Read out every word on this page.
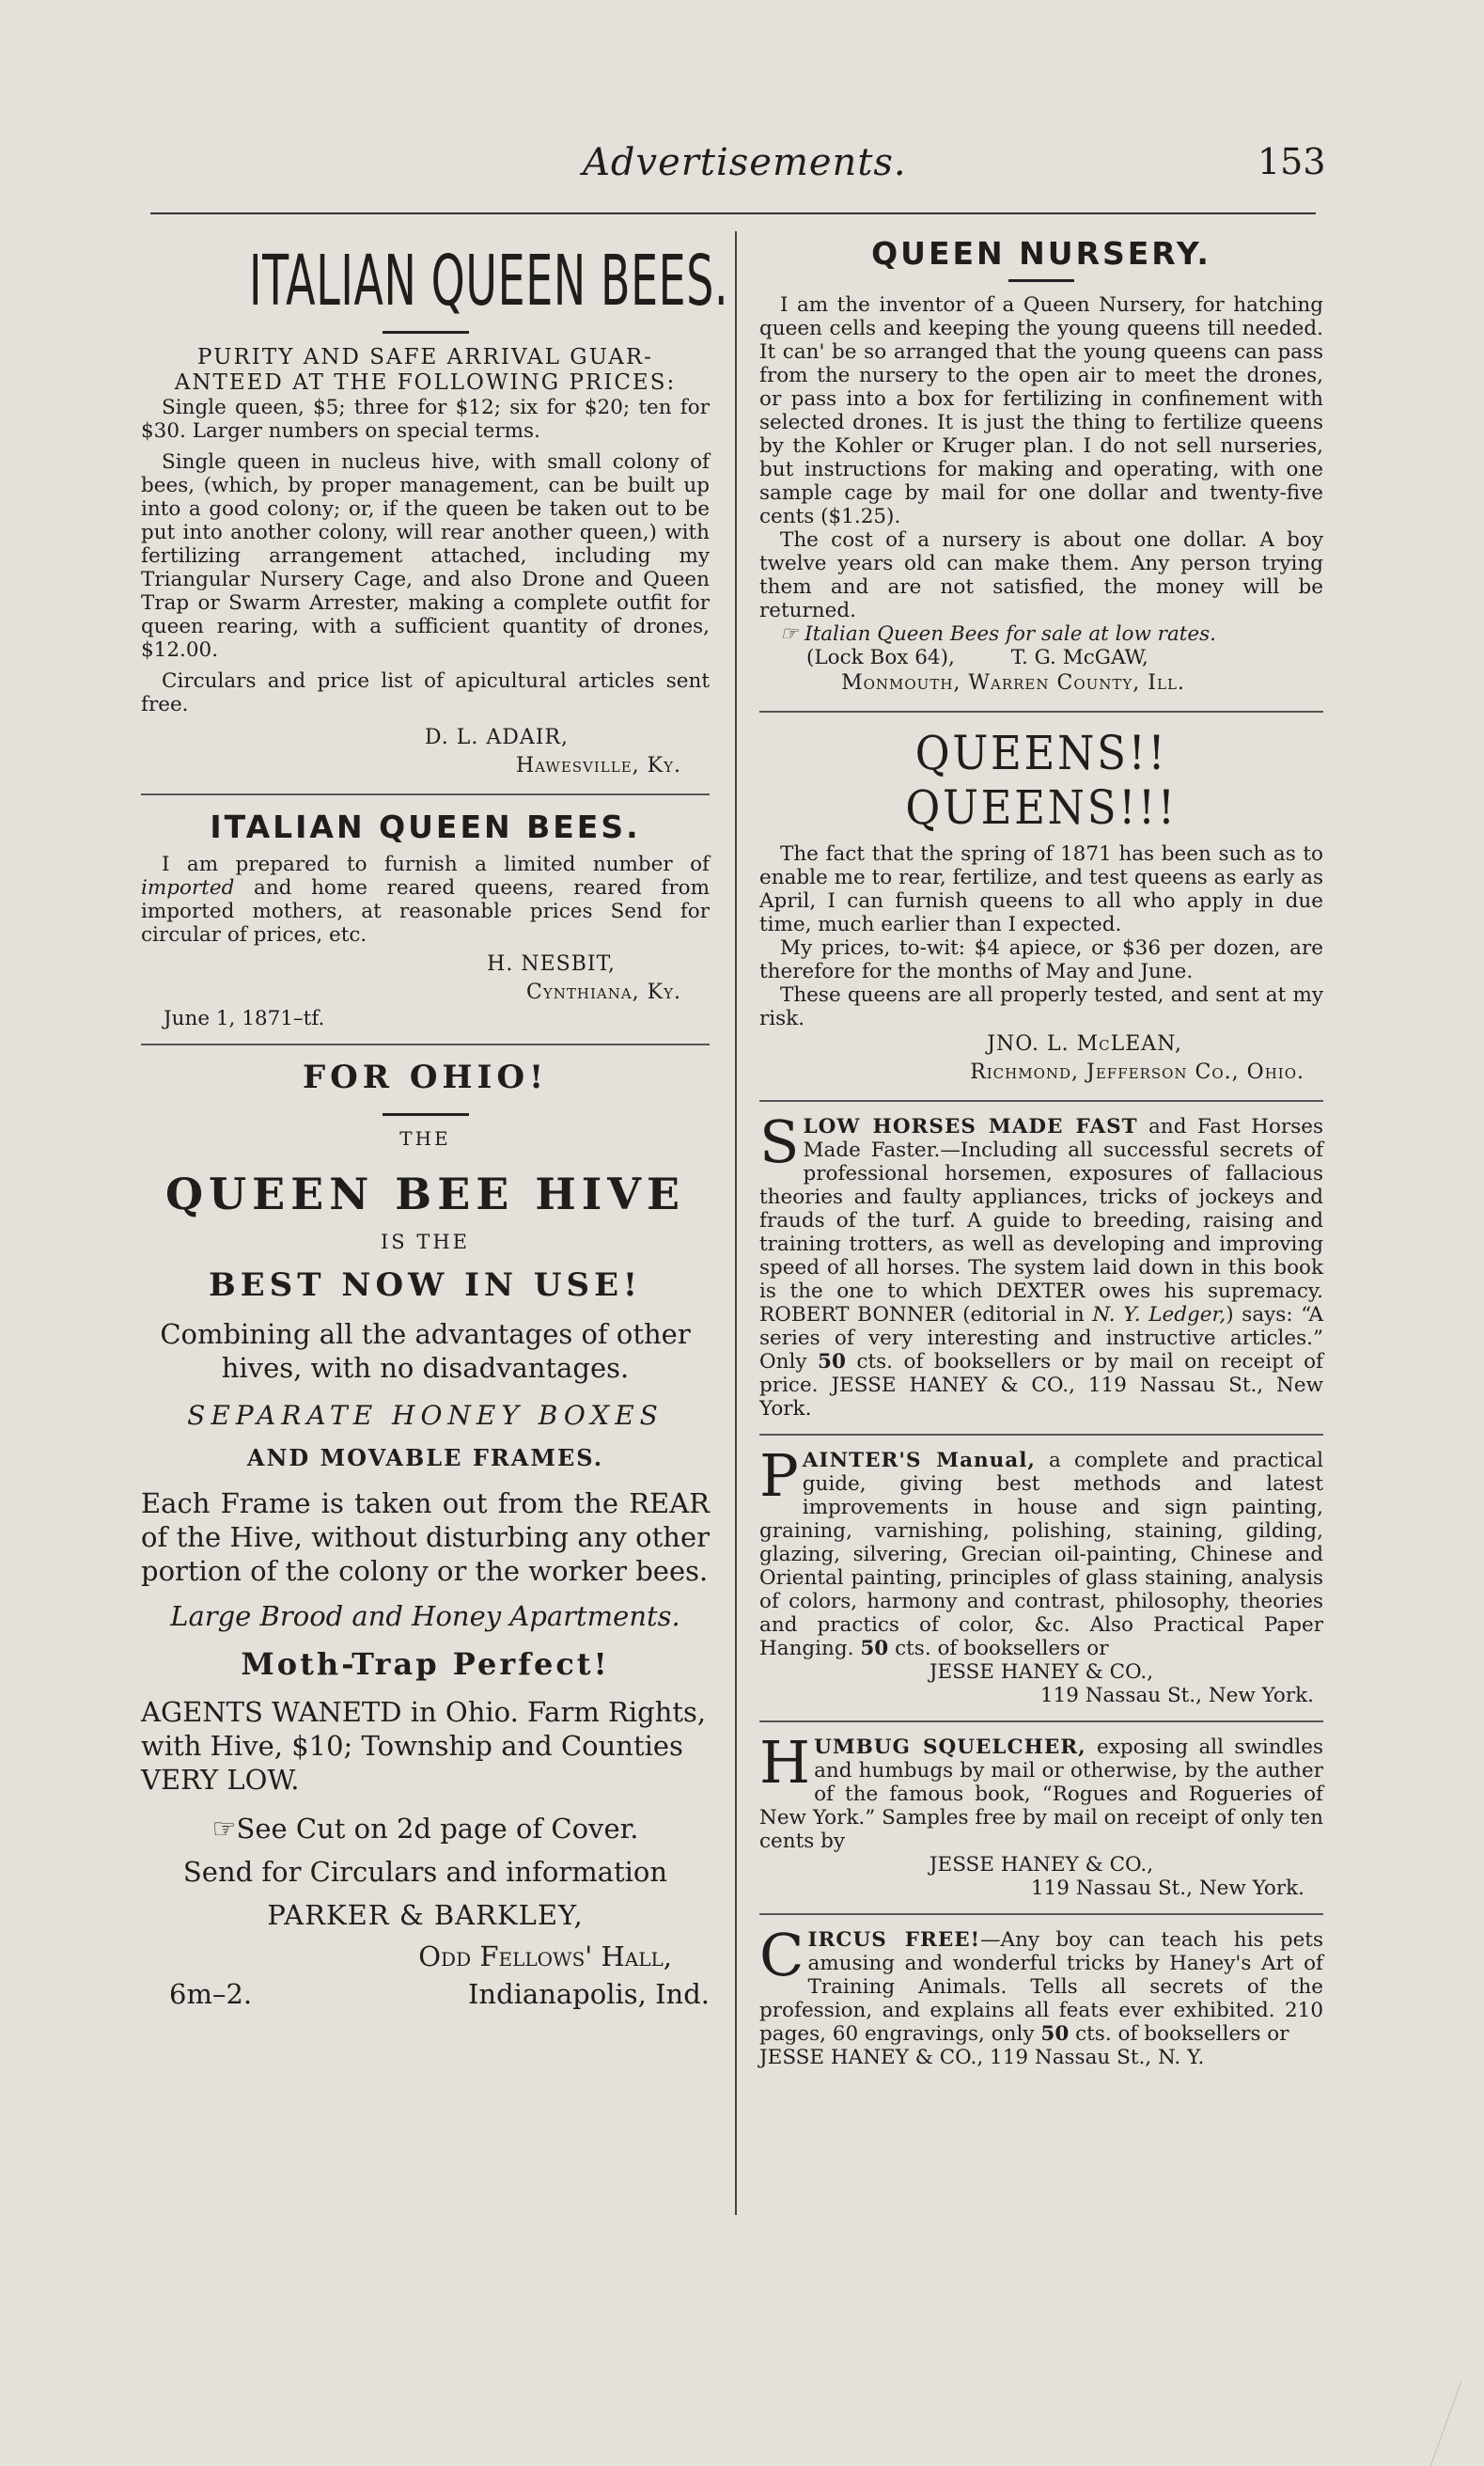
Advertisements.	153
ITALIAN QUEEN BEES.
PURITY AND SAFE ARRIVAL GUAR- ANTEED AT THE FOLLOWING PRICES:

Single queen, $5; three for $12; six for $20; ten for $30. Larger numbers on special terms.

Single queen in nucleus hive, with small colony of bees, (which, by proper management, can be built up into a good colony; or, if the queen be taken out to be put into another colony, will rear another queen,) with fertilizing arrangement attached, including my Triangular Nursery Cage, and also Drone and Queen Trap or Swarm Arrester, making a complete outfit for queen rearing, with a sufficient quantity of drones, $12.00.

Circulars and price list of apicultural articles sent free.

D. L. ADAIR,
Hawesville, Ky.
ITALIAN QUEEN BEES.

I am prepared to furnish a limited number of imported and home reared queens, reared from imported mothers, at reasonable prices Send for circular of prices, etc.

H. NESBIT,
Cynthiana, Ky.
June 1, 1871–tf.
FOR OHIO!
THE
QUEEN BEE HIVE
IS THE
BEST NOW IN USE!
Combining all the advantages of other hives, with no disadvantages.
SEPARATE HONEY BOXES
AND MOVABLE FRAMES.
Each Frame is taken out from the REAR of the Hive, without disturbing any other portion of the colony or the worker bees.
Large Brood and Honey Apartments.
Moth-Trap Perfect!
AGENTS WANETD in Ohio. Farm Rights, with Hive, $10; Township and Counties VERY LOW.
☞See Cut on 2d page of Cover.
Send for Circulars and information
PARKER & BARKLEY,
Odd Fellows' Hall,
6m–2.	Indianapolis, Ind.
QUEEN NURSERY.

I am the inventor of a Queen Nursery, for hatching queen cells and keeping the young queens till needed. It can' be so arranged that the young queens can pass from the nursery to the open air to meet the drones, or pass into a box for fertilizing in confinement with selected drones. It is just the thing to fertilize queens by the Kohler or Kruger plan. I do not sell nurseries, but instructions for making and operating, with one sample cage by mail for one dollar and twenty-five cents ($1.25).

The cost of a nursery is about one dollar. A boy twelve years old can make them. Any person trying them and are not satisfied, the money will be returned.

☞ Italian Queen Bees for sale at low rates.

(Lock Box 64),	T. G. McGAW,
Monmouth, Warren County, Ill.
QUEENS!! QUEENS!!!

The fact that the spring of 1871 has been such as to enable me to rear, fertilize, and test queens as early as April, I can furnish queens to all who apply in due time, much earlier than I expected.

My prices, to-wit: $4 apiece, or $36 per dozen, are therefore for the months of May and June.

These queens are all properly tested, and sent at my risk.

JNO. L. McLEAN,
Richmond, Jefferson Co., Ohio.

SLOW HORSES MADE FAST and Fast Horses Made Faster.—Including all successful secrets of professional horsemen, exposures of fallacious theories and faulty appliances, tricks of jockeys and frauds of the turf. A guide to breeding, raising and training trotters, as well as developing and improving speed of all horses. The system laid down in this book is the one to which DEXTER owes his supremacy. ROBERT BONNER (editorial in N. Y. Ledger,) says: “A series of very interesting and instructive articles.” Only 50 cts. of booksellers or by mail on receipt of price. JESSE HANEY & CO., 119 Nassau St., New York.

PAINTER'S Manual, a complete and practical guide, giving best methods and latest improvements in house and sign painting, graining, varnishing, polishing, staining, gilding, glazing, silvering, Grecian oil-painting, Chinese and Oriental painting, principles of glass staining, analysis of colors, harmony and contrast, philosophy, theories and practics of color, &c. Also Practical Paper Hanging. 50 cts. of booksellers or

JESSE HANEY & CO.,
119 Nassau St., New York.

HUMBUG SQUELCHER, exposing all swindles and humbugs by mail or otherwise, by the auther of the famous book, “Rogues and Rogueries of New York.” Samples free by mail on receipt of only ten cents by

JESSE HANEY & CO.,
119 Nassau St., New York.

CIRCUS FREE!—Any boy can teach his pets amusing and wonderful tricks by Haney's Art of Training Animals. Tells all secrets of the profession, and explains all feats ever exhibited. 210 pages, 60 engravings, only 50 cts. of booksellers or

JESSE HANEY & CO., 119 Nassau St., N. Y.
